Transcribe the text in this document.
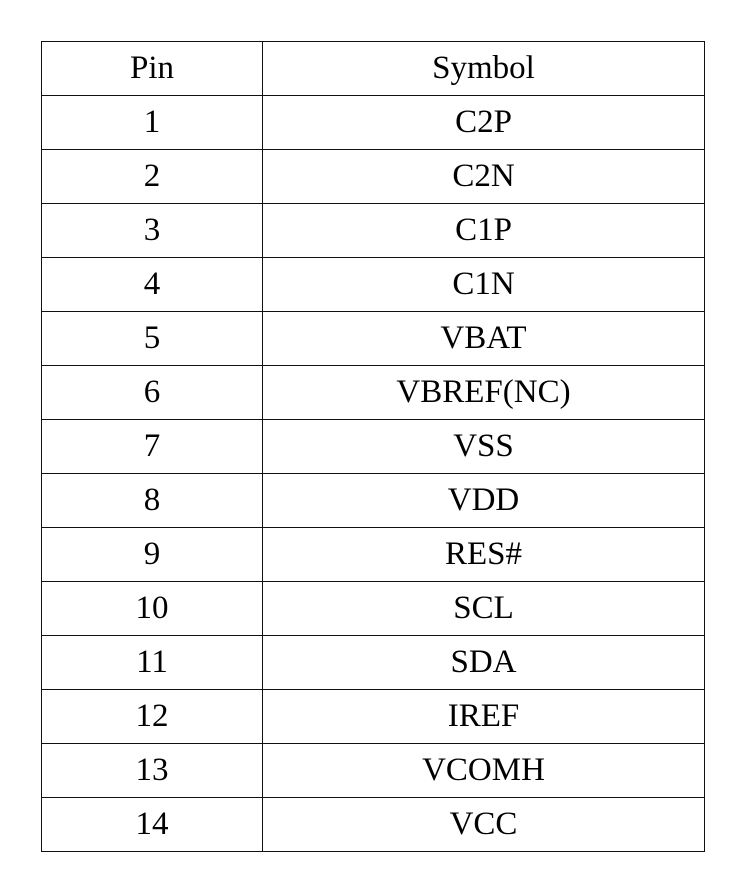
Pin	Symbol
1	C2P
2	C2N
3	C1P
4	C1N
5	VBAT
6	VBREF(NC)
7	VSS
8	VDD
9	RES#
10	SCL
11	SDA
12	IREF
13	VCOMH
14	VCC
